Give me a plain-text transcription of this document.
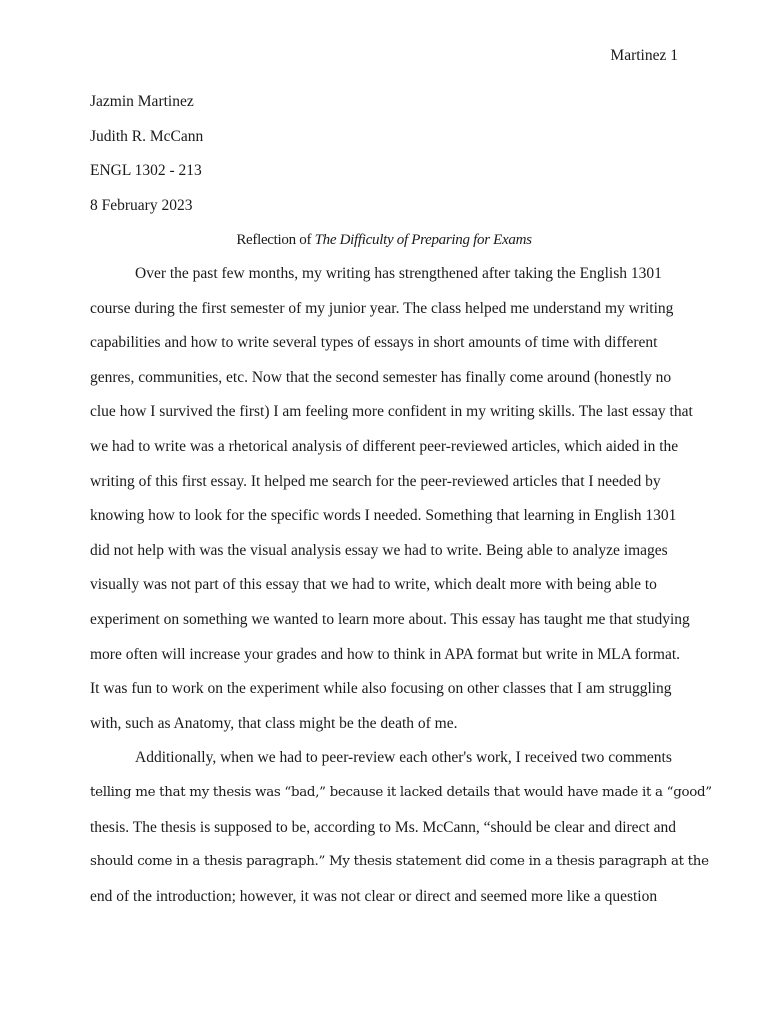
Martinez 1
Jazmin Martinez
Judith R. McCann
ENGL 1302 - 213
8 February 2023
Reflection of The Difficulty of Preparing for Exams
Over the past few months, my writing has strengthened after taking the English 1301
course during the first semester of my junior year. The class helped me understand my writing
capabilities and how to write several types of essays in short amounts of time with different
genres, communities, etc. Now that the second semester has finally come around (honestly no
clue how I survived the first) I am feeling more confident in my writing skills. The last essay that
we had to write was a rhetorical analysis of different peer-reviewed articles, which aided in the
writing of this first essay. It helped me search for the peer-reviewed articles that I needed by
knowing how to look for the specific words I needed. Something that learning in English 1301
did not help with was the visual analysis essay we had to write. Being able to analyze images
visually was not part of this essay that we had to write, which dealt more with being able to
experiment on something we wanted to learn more about. This essay has taught me that studying
more often will increase your grades and how to think in APA format but write in MLA format.
It was fun to work on the experiment while also focusing on other classes that I am struggling
with, such as Anatomy, that class might be the death of me.
Additionally, when we had to peer-review each other's work, I received two comments
telling me that my thesis was “bad,” because it lacked details that would have made it a “good”
thesis. The thesis is supposed to be, according to Ms. McCann, “should be clear and direct and
should come in a thesis paragraph.” My thesis statement did come in a thesis paragraph at the
end of the introduction; however, it was not clear or direct and seemed more like a question
